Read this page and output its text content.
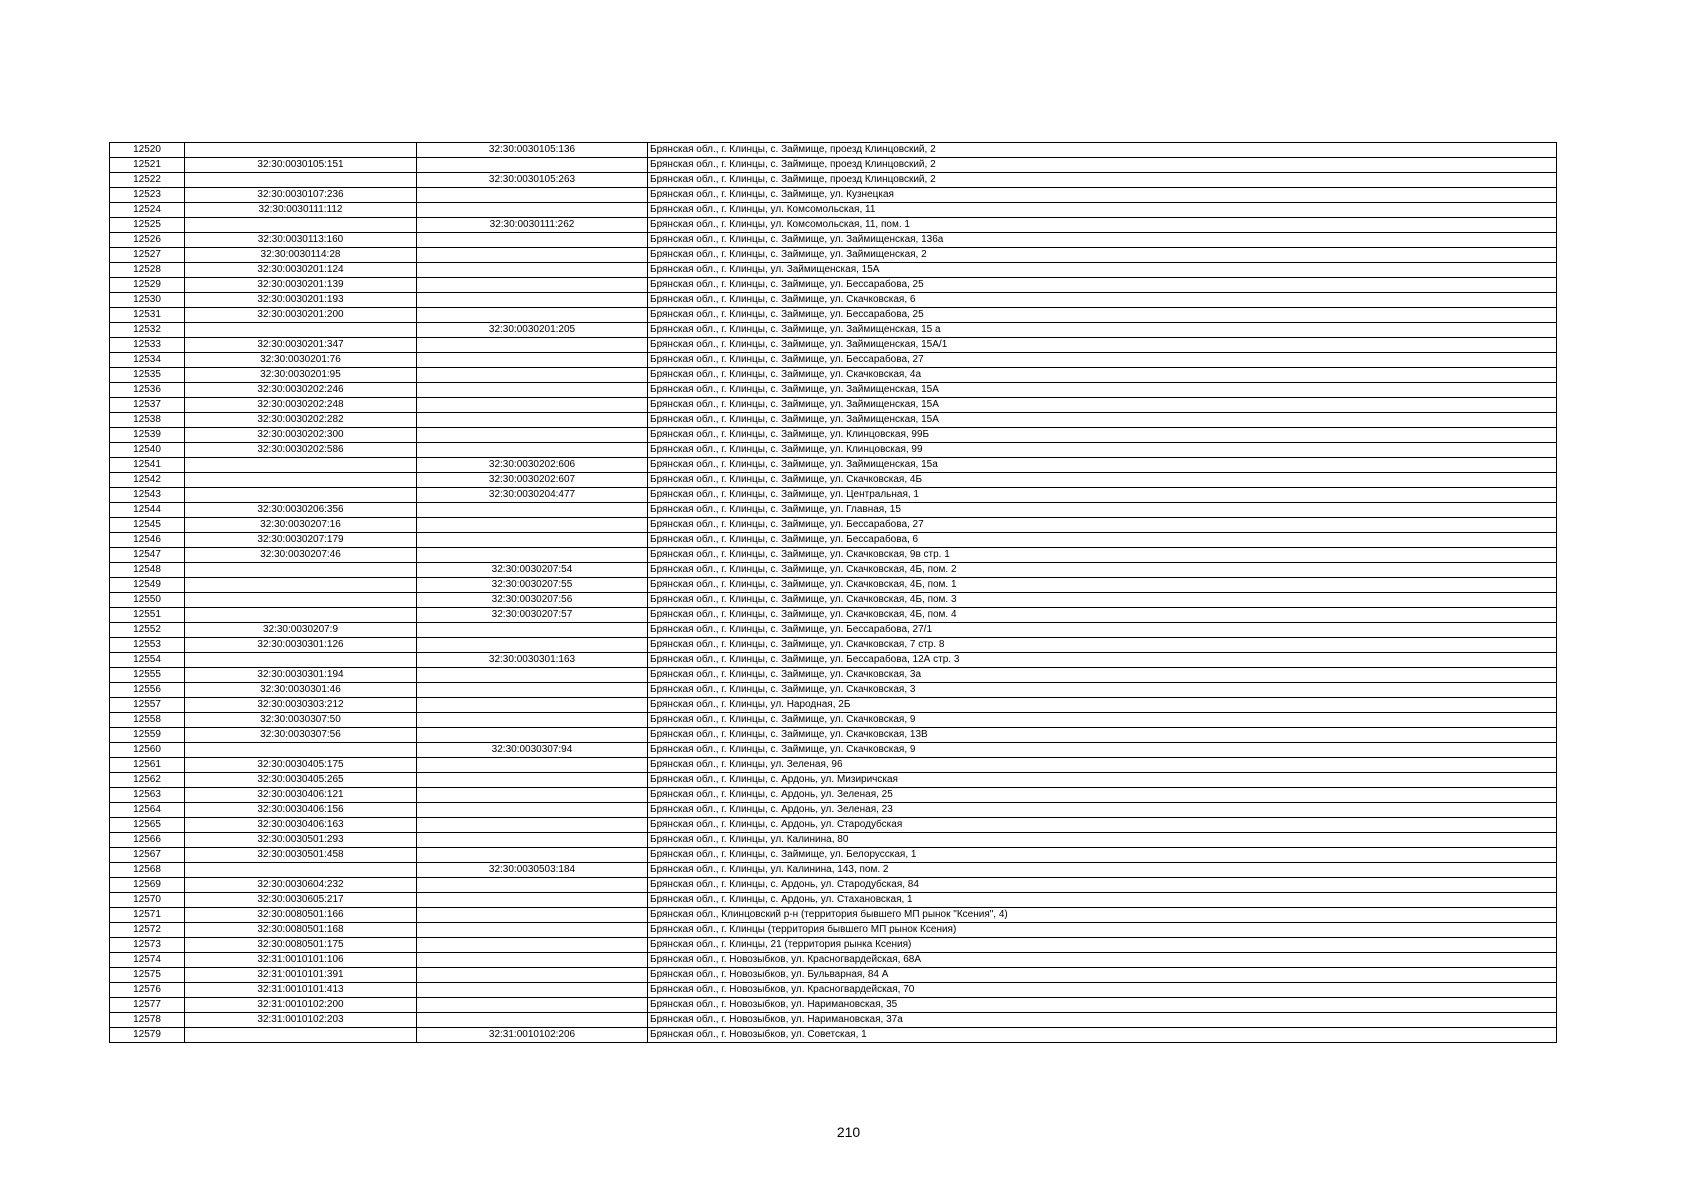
12520		32:30:0030105:136	Брянская обл., г. Клинцы, с. Займище, проезд Клинцовский, 2
12521	32:30:0030105:151		Брянская обл., г. Клинцы, с. Займище, проезд Клинцовский, 2
12522		32:30:0030105:263	Брянская обл., г. Клинцы, с. Займище, проезд Клинцовский, 2
12523	32:30:0030107:236		Брянская обл., г. Клинцы, с. Займище, ул. Кузнецкая
12524	32:30:0030111:112		Брянская обл., г. Клинцы, ул. Комсомольская, 11
12525		32:30:0030111:262	Брянская обл., г. Клинцы, ул. Комсомольская, 11, пом. 1
12526	32:30:0030113:160		Брянская обл., г. Клинцы, с. Займище, ул. Займищенская, 136а
12527	32:30:0030114:28		Брянская обл., г. Клинцы, с. Займище, ул. Займищенская, 2
12528	32:30:0030201:124		Брянская обл., г. Клинцы, ул. Займищенская, 15А
12529	32:30:0030201:139		Брянская обл., г. Клинцы, с. Займище, ул. Бессарабова, 25
12530	32:30:0030201:193		Брянская обл., г. Клинцы, с. Займище, ул. Скачковская, 6
12531	32:30:0030201:200		Брянская обл., г. Клинцы, с. Займище, ул. Бессарабова, 25
12532		32:30:0030201:205	Брянская обл., г. Клинцы, с. Займище, ул. Займищенская, 15 а
12533	32:30:0030201:347		Брянская обл., г. Клинцы, с. Займище, ул. Займищенская, 15А/1
12534	32:30:0030201:76		Брянская обл., г. Клинцы, с. Займище, ул. Бессарабова, 27
12535	32:30:0030201:95		Брянская обл., г. Клинцы, с. Займище, ул. Скачковская, 4а
12536	32:30:0030202:246		Брянская обл., г. Клинцы, с. Займище, ул. Займищенская, 15А
12537	32:30:0030202:248		Брянская обл., г. Клинцы, с. Займище, ул. Займищенская, 15А
12538	32:30:0030202:282		Брянская обл., г. Клинцы, с. Займище, ул. Займищенская, 15А
12539	32:30:0030202:300		Брянская обл., г. Клинцы, с. Займище, ул. Клинцовская, 99Б
12540	32:30:0030202:586		Брянская обл., г. Клинцы, с. Займище, ул. Клинцовская, 99
12541		32:30:0030202:606	Брянская обл., г. Клинцы, с. Займище, ул. Займищенская, 15а
12542		32:30:0030202:607	Брянская обл., г. Клинцы, с. Займище, ул. Скачковская, 4Б
12543		32:30:0030204:477	Брянская обл., г. Клинцы, с. Займище, ул. Центральная, 1
12544	32:30:0030206:356		Брянская обл., г. Клинцы, с. Займище, ул. Главная, 15
12545	32:30:0030207:16		Брянская обл., г. Клинцы, с. Займище, ул. Бессарабова, 27
12546	32:30:0030207:179		Брянская обл., г. Клинцы, с. Займище, ул. Бессарабова, 6
12547	32:30:0030207:46		Брянская обл., г. Клинцы, с. Займище, ул. Скачковская, 9в стр. 1
12548		32:30:0030207:54	Брянская обл., г. Клинцы, с. Займище, ул. Скачковская, 4Б, пом. 2
12549		32:30:0030207:55	Брянская обл., г. Клинцы, с. Займище, ул. Скачковская, 4Б, пом. 1
12550		32:30:0030207:56	Брянская обл., г. Клинцы, с. Займище, ул. Скачковская, 4Б, пом. 3
12551		32:30:0030207:57	Брянская обл., г. Клинцы, с. Займище, ул. Скачковская, 4Б, пом. 4
12552	32:30:0030207:9		Брянская обл., г. Клинцы, с. Займище, ул. Бессарабова, 27/1
12553	32:30:0030301:126		Брянская обл., г. Клинцы, с. Займище, ул. Скачковская, 7 стр. 8
12554		32:30:0030301:163	Брянская обл., г. Клинцы, с. Займище, ул. Бессарабова, 12А стр. 3
12555	32:30:0030301:194		Брянская обл., г. Клинцы, с. Займище, ул. Скачковская, 3а
12556	32:30:0030301:46		Брянская обл., г. Клинцы, с. Займище, ул. Скачковская, 3
12557	32:30:0030303:212		Брянская обл., г. Клинцы, ул. Народная, 2Б
12558	32:30:0030307:50		Брянская обл., г. Клинцы, с. Займище, ул. Скачковская, 9
12559	32:30:0030307:56		Брянская обл., г. Клинцы, с. Займище, ул. Скачковская, 13В
12560		32:30:0030307:94	Брянская обл., г. Клинцы, с. Займище, ул. Скачковская, 9
12561	32:30:0030405:175		Брянская обл., г. Клинцы, ул. Зеленая, 96
12562	32:30:0030405:265		Брянская обл., г. Клинцы, с. Ардонь, ул. Мизиричская
12563	32:30:0030406:121		Брянская обл., г. Клинцы, с. Ардонь, ул. Зеленая, 25
12564	32:30:0030406:156		Брянская обл., г. Клинцы, с. Ардонь, ул. Зеленая, 23
12565	32:30:0030406:163		Брянская обл., г. Клинцы, с. Ардонь, ул. Стародубская
12566	32:30:0030501:293		Брянская обл., г. Клинцы, ул. Калинина, 80
12567	32:30:0030501:458		Брянская обл., г. Клинцы, с. Займище, ул. Белорусская, 1
12568		32:30:0030503:184	Брянская обл., г. Клинцы, ул. Калинина, 143, пом. 2
12569	32:30:0030604:232		Брянская обл., г. Клинцы, с. Ардонь, ул. Стародубская, 84
12570	32:30:0030605:217		Брянская обл., г. Клинцы, с. Ардонь, ул. Стахановская, 1
12571	32:30:0080501:166		Брянская обл., Клинцовский р-н (территория бывшего МП рынок "Ксения", 4)
12572	32:30:0080501:168		Брянская обл., г. Клинцы (территория бывшего МП рынок Ксения)
12573	32:30:0080501:175		Брянская обл., г. Клинцы, 21 (территория рынка Ксения)
12574	32:31:0010101:106		Брянская обл., г. Новозыбков, ул. Красногвардейская, 68А
12575	32:31:0010101:391		Брянская обл., г. Новозыбков, ул. Бульварная, 84 А
12576	32:31:0010101:413		Брянская обл., г. Новозыбков, ул. Красногвардейская, 70
12577	32:31:0010102:200		Брянская обл., г. Новозыбков, ул. Наримановская, 35
12578	32:31:0010102:203		Брянская обл., г. Новозыбков, ул. Наримановская, 37а
12579		32:31:0010102:206	Брянская обл., г. Новозыбков, ул. Советская, 1
210
